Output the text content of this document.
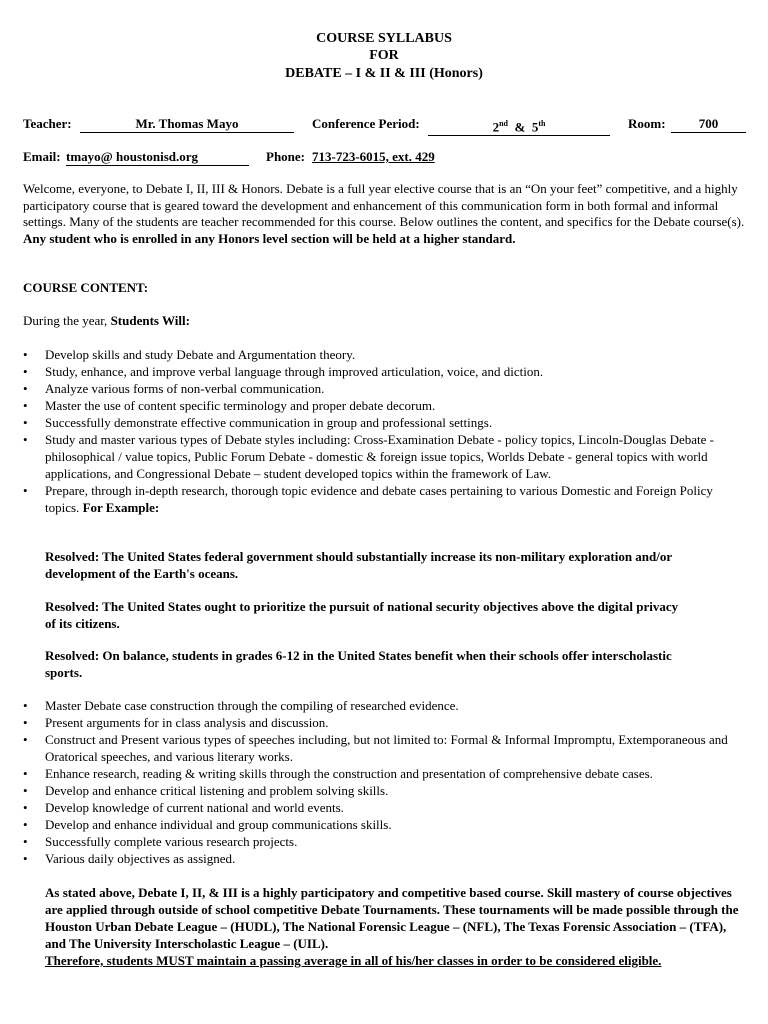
COURSE SYLLABUS
FOR
DEBATE – I & II & III (Honors)
Teacher:	Mr. Thomas Mayo	Conference Period:	2nd & 5th	Room:	700
Email: tmayo@ houstonisd.org	Phone: 713-723-6015, ext. 429
Welcome, everyone, to Debate I, II, III & Honors. Debate is a full year elective course that is an “On your feet” competitive, and a highly participatory course that is geared toward the development and enhancement of this communication form in both formal and informal settings. Many of the students are teacher recommended for this course. Below outlines the content, and specifics for the Debate course(s).
Any student who is enrolled in any Honors level section will be held at a higher standard.
COURSE CONTENT:
During the year, Students Will:
• Develop skills and study Debate and Argumentation theory.
• Study, enhance, and improve verbal language through improved articulation, voice, and diction.
• Analyze various forms of non-verbal communication.
• Master the use of content specific terminology and proper debate decorum.
• Successfully demonstrate effective communication in group and professional settings.
• Study and master various types of Debate styles including: Cross-Examination Debate - policy topics, Lincoln-Douglas Debate - philosophical / value topics, Public Forum Debate - domestic & foreign issue topics, Worlds Debate - general topics with world applications, and Congressional Debate – student developed topics within the framework of Law.
• Prepare, through in-depth research, thorough topic evidence and debate cases pertaining to various Domestic and Foreign Policy topics. For Example:
Resolved: The United States federal government should substantially increase its non-military exploration and/or development of the Earth's oceans.
Resolved: The United States ought to prioritize the pursuit of national security objectives above the digital privacy of its citizens.
Resolved: On balance, students in grades 6-12 in the United States benefit when their schools offer interscholastic sports.
• Master Debate case construction through the compiling of researched evidence.
• Present arguments for in class analysis and discussion.
• Construct and Present various types of speeches including, but not limited to: Formal & Informal Impromptu, Extemporaneous and Oratorical speeches, and various literary works.
• Enhance research, reading & writing skills through the construction and presentation of comprehensive debate cases.
• Develop and enhance critical listening and problem solving skills.
• Develop knowledge of current national and world events.
• Develop and enhance individual and group communications skills.
• Successfully complete various research projects.
• Various daily objectives as assigned.
As stated above, Debate I, II, & III is a highly participatory and competitive based course. Skill mastery of course objectives are applied through outside of school competitive Debate Tournaments. These tournaments will be made possible through the Houston Urban Debate League – (HUDL), The National Forensic League – (NFL), The Texas Forensic Association – (TFA), and The University Interscholastic League – (UIL).
Therefore, students MUST maintain a passing average in all of his/her classes in order to be considered eligible.
